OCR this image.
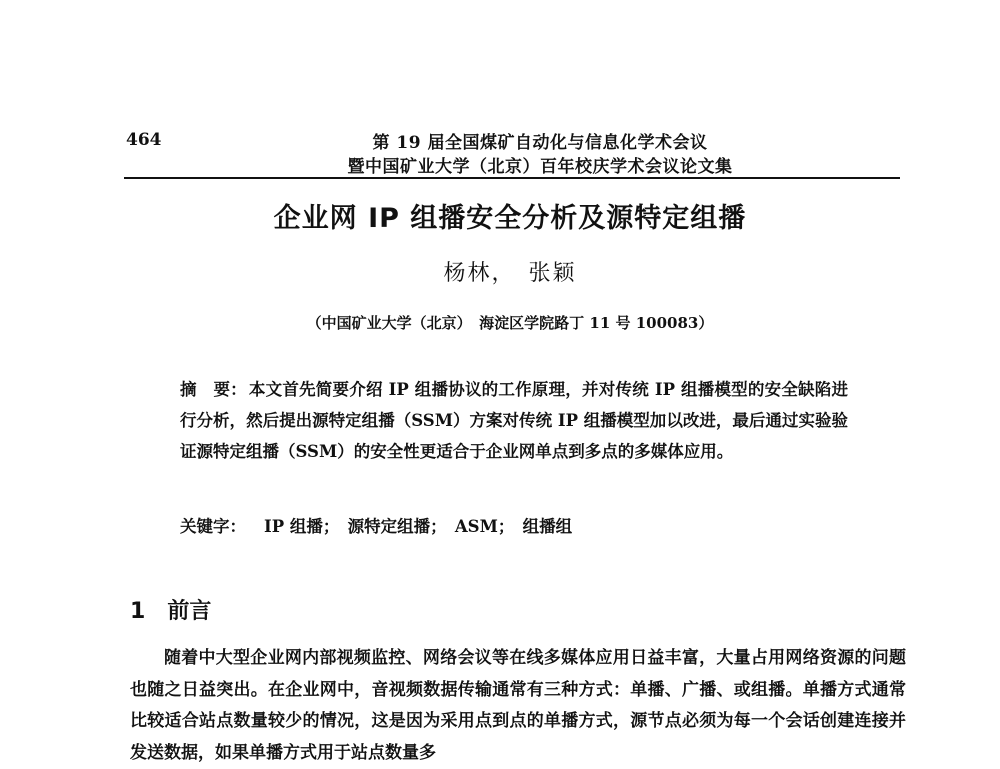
464	第 19 届全国煤矿自动化与信息化学术会议
暨中国矿业大学（北京）百年校庆学术会议论文集
企业网 IP 组播安全分析及源特定组播
杨林，　张颖
（中国矿业大学（北京）　海淀区学院路丁 11 号 100083）
摘　要： 本文首先简要介绍 IP 组播协议的工作原理，并对传统 IP 组播模型的安全缺陷进行分析，然后提出源特定组播（SSM）方案对传统 IP 组播模型加以改进，最后通过实验验证源特定组播（SSM）的安全性更适合于企业网单点到多点的多媒体应用。
关键字： IP 组播；　源特定组播；　ASM；　组播组
1 前言
随着中大型企业网内部视频监控、网络会议等在线多媒体应用日益丰富，大量占用网络资源的问题也随之日益突出。在企业网中，音视频数据传输通常有三种方式：单播、广播、或组播。单播方式通常比较适合站点数量较少的情况，这是因为采用点到点的单播方式，源节点必须为每一个会话创建连接并发送数据，如果单播方式用于站点数量多
